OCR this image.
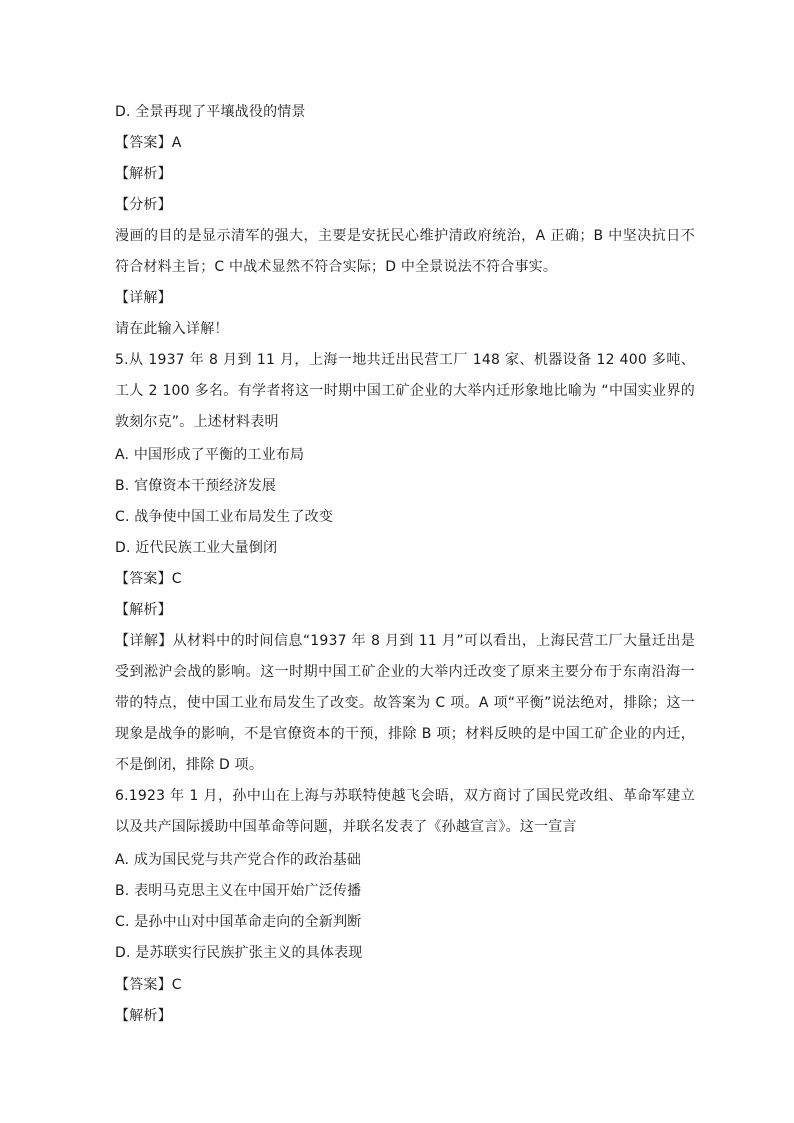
D. 全景再现了平壤战役的情景
【答案】A
【解析】
【分析】
漫画的目的是显示清军的强大，主要是安抚民心维护清政府统治，A 正确；B 中坚决抗日不符合材料主旨；C 中战术显然不符合实际；D 中全景说法不符合事实。
【详解】
请在此输入详解！
5.从 1937 年 8 月到 11 月，上海一地共迁出民营工厂 148 家、机器设备 12 400 多吨、工人 2 100 多名。有学者将这一时期中国工矿企业的大举内迁形象地比喻为 “中国实业界的敦刻尔克”。上述材料表明
A. 中国形成了平衡的工业布局
B. 官僚资本干预经济发展
C. 战争使中国工业布局发生了改变
D. 近代民族工业大量倒闭
【答案】C
【解析】
【详解】从材料中的时间信息“1937 年 8 月到 11 月”可以看出，上海民营工厂大量迁出是受到淞沪会战的影响。这一时期中国工矿企业的大举内迁改变了原来主要分布于东南沿海一带的特点，使中国工业布局发生了改变。故答案为 C 项。A 项“平衡”说法绝对，排除；这一现象是战争的影响，不是官僚资本的干预，排除 B 项；材料反映的是中国工矿企业的内迁，不是倒闭，排除 D 项。
6.1923 年 1 月，孙中山在上海与苏联特使越飞会晤，双方商讨了国民党改组、革命军建立以及共产国际援助中国革命等问题，并联名发表了《孙越宣言》。这一宣言
A. 成为国民党与共产党合作的政治基础
B. 表明马克思主义在中国开始广泛传播
C. 是孙中山对中国革命走向的全新判断
D. 是苏联实行民族扩张主义的具体表现
【答案】C
【解析】
